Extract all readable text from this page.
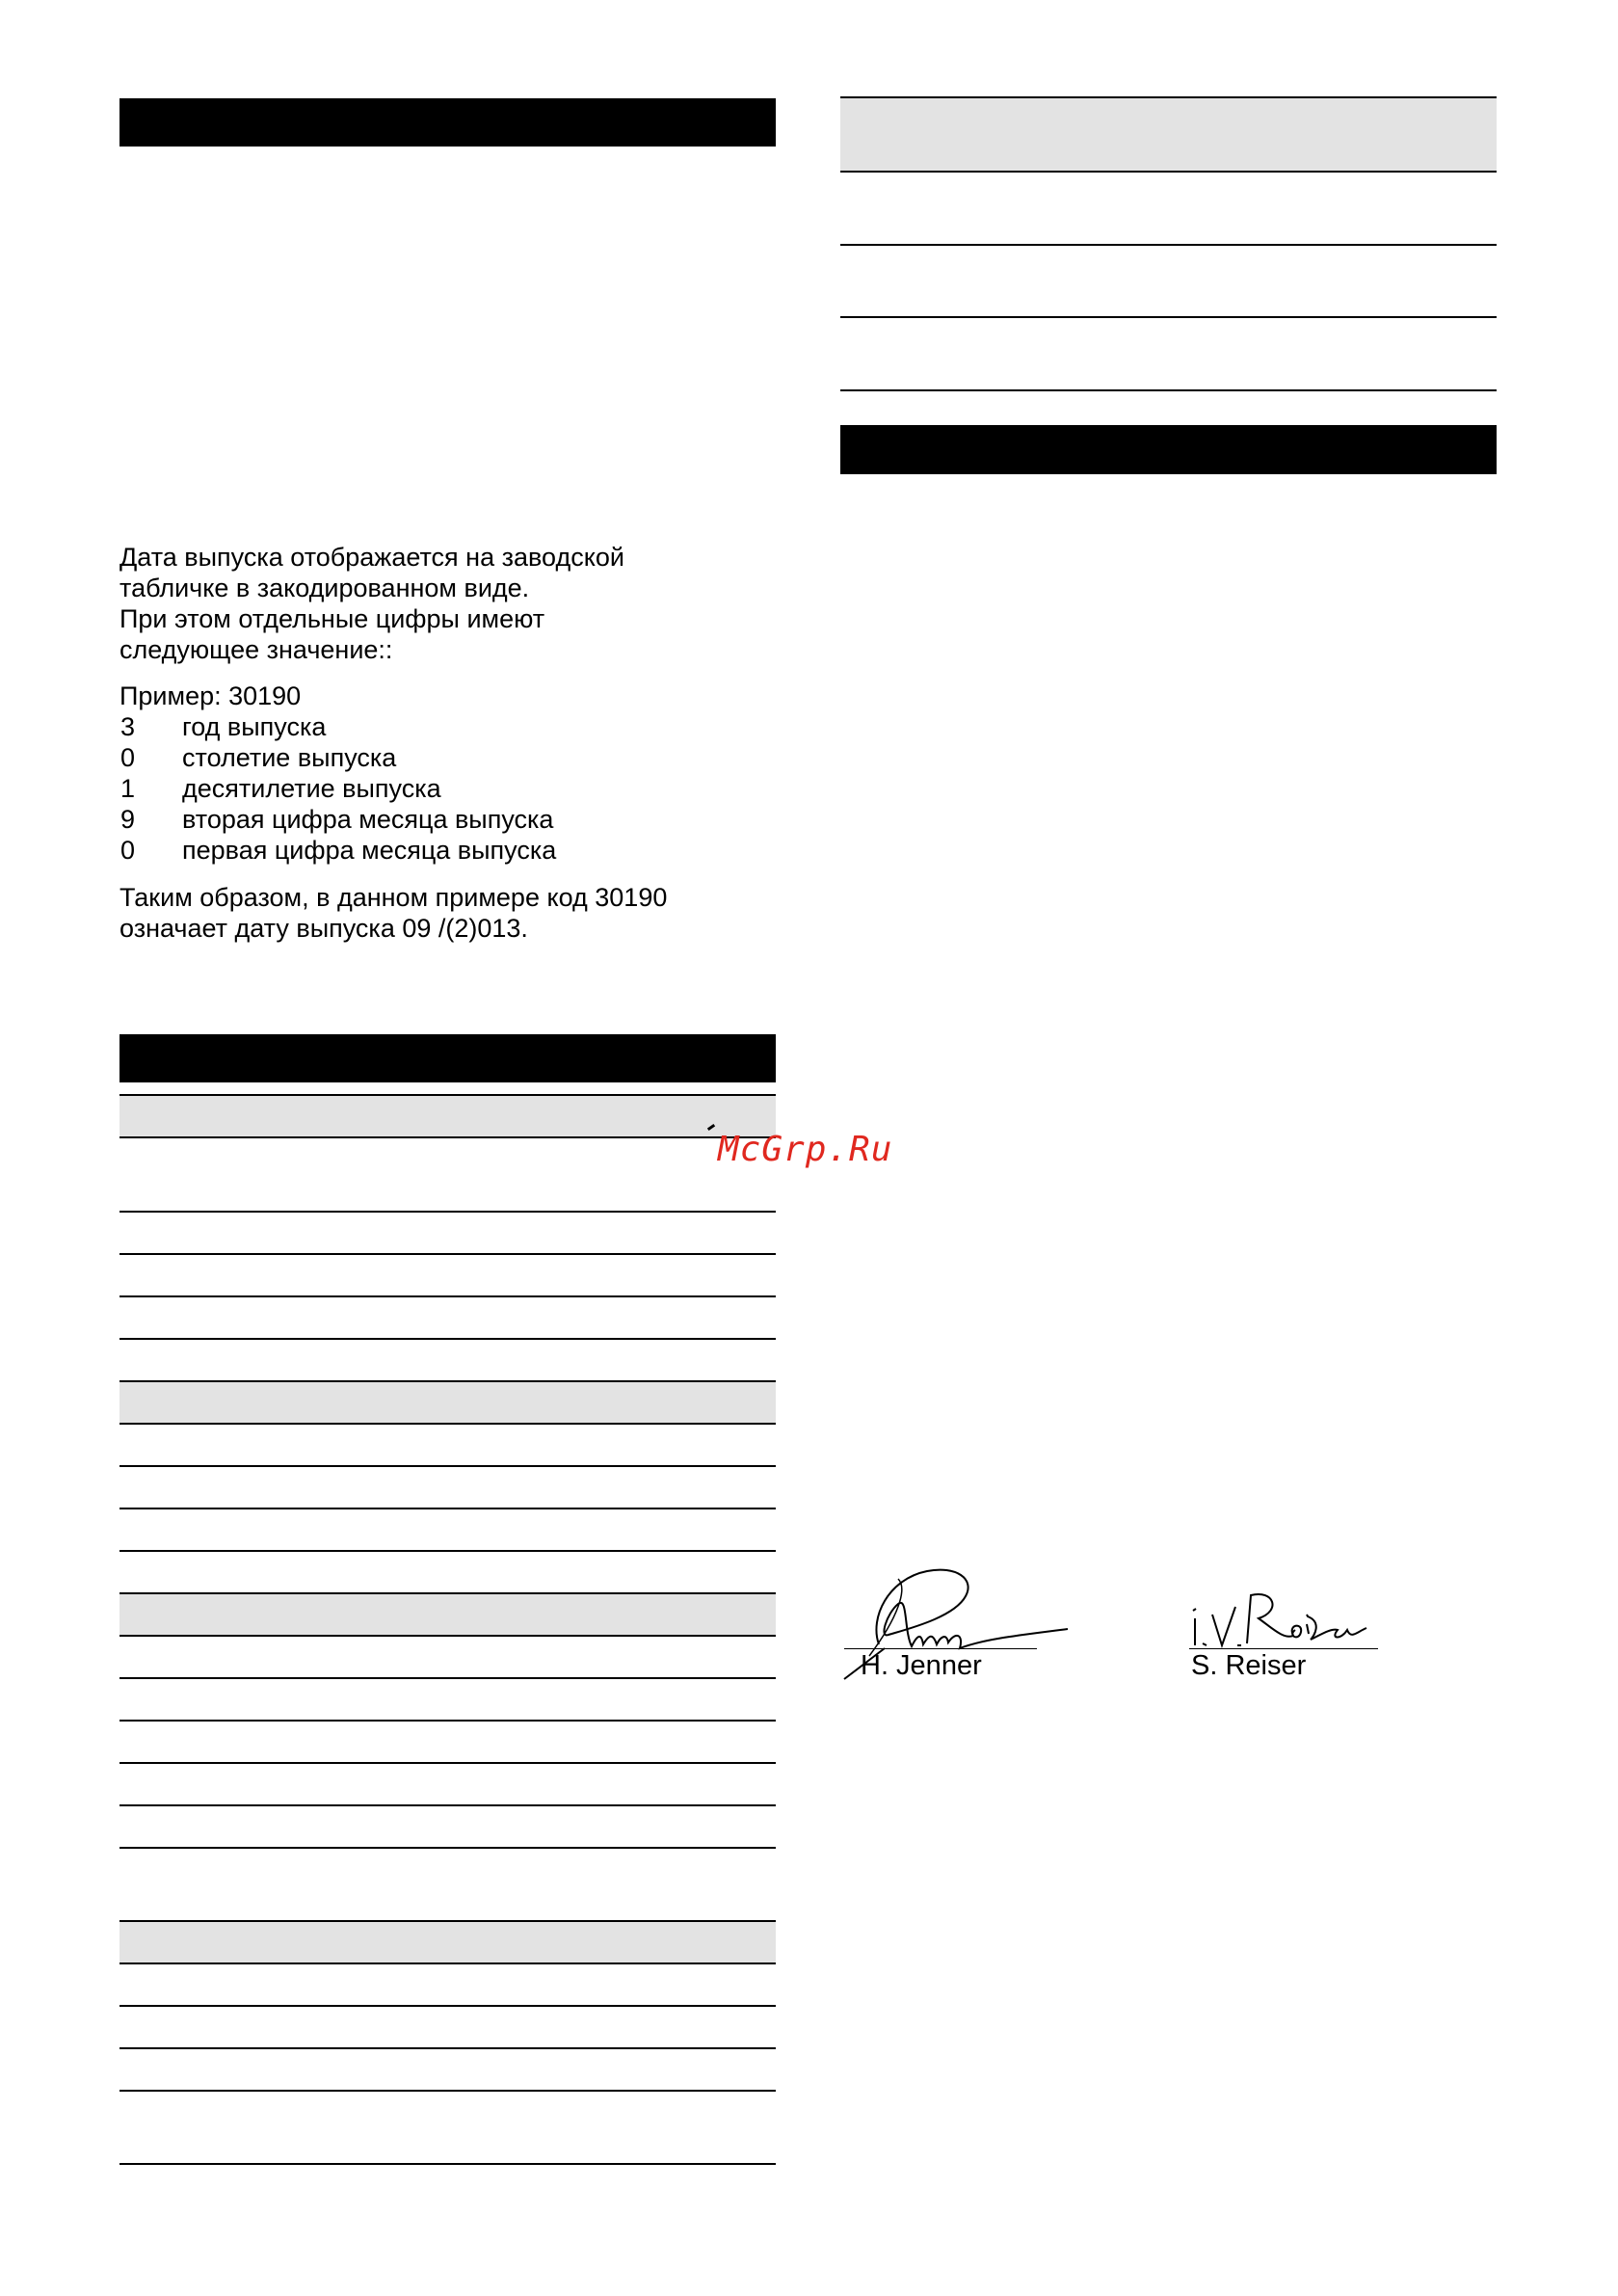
Дата выпуска отображается на заводской
табличке в закодированном виде.
При этом отдельные цифры имеют
следующее значение::
Пример: 30190
3 год выпуска
0 столетие выпуска
1 десятилетие выпуска
9 вторая цифра месяца выпуска
0 первая цифра месяца выпуска
Таким образом, в данном примере код 30190
означает дату выпуска 09 /(2)013.
McGrp.Ru
H. Jenner	S. Reiser
